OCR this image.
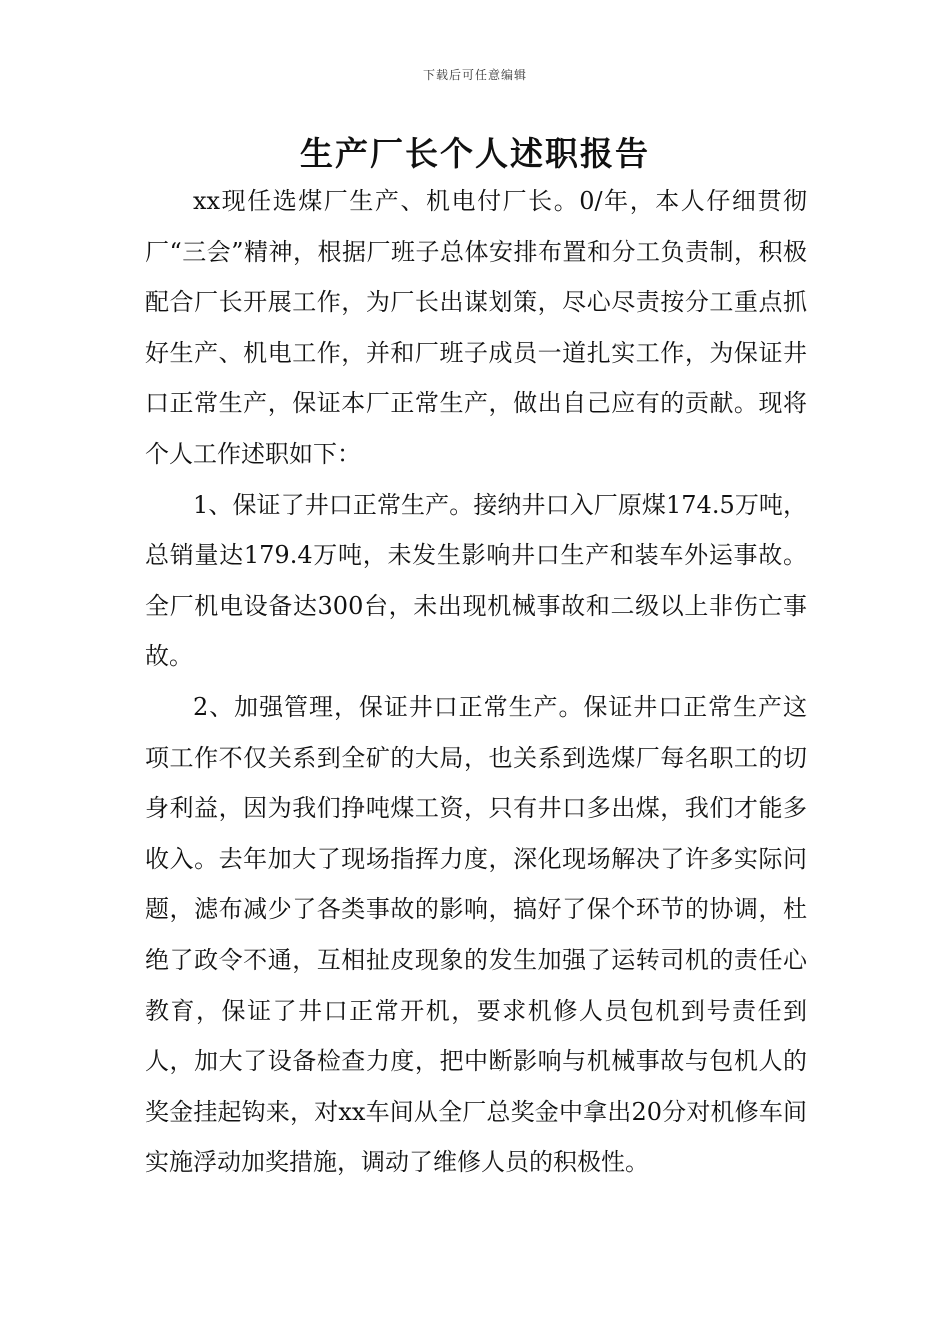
下载后可任意编辑
生产厂长个人述职报告

xx现任选煤厂生产、机电付厂长。0/年，本人仔细贯彻厂“三会”精神，根据厂班子总体安排布置和分工负责制，积极配合厂长开展工作，为厂长出谋划策，尽心尽责按分工重点抓好生产、机电工作，并和厂班子成员一道扎实工作，为保证井口正常生产，保证本厂正常生产，做出自己应有的贡献。现将个人工作述职如下：

1、保证了井口正常生产。接纳井口入厂原煤174.5万吨，总销量达179.4万吨，未发生影响井口生产和装车外运事故。全厂机电设备达300台，未出现机械事故和二级以上非伤亡事故。

2、加强管理，保证井口正常生产。保证井口正常生产这项工作不仅关系到全矿的大局，也关系到选煤厂每名职工的切身利益，因为我们挣吨煤工资，只有井口多出煤，我们才能多收入。去年加大了现场指挥力度，深化现场解决了许多实际问题，滤布减少了各类事故的影响，搞好了保个环节的协调，杜绝了政令不通，互相扯皮现象的发生加强了运转司机的责任心教育，保证了井口正常开机，要求机修人员包机到号责任到人，加大了设备检查力度，把中断影响与机械事故与包机人的奖金挂起钩来，对xx车间从全厂总奖金中拿出20分对机修车间实施浮动加奖措施，调动了维修人员的积极性。
